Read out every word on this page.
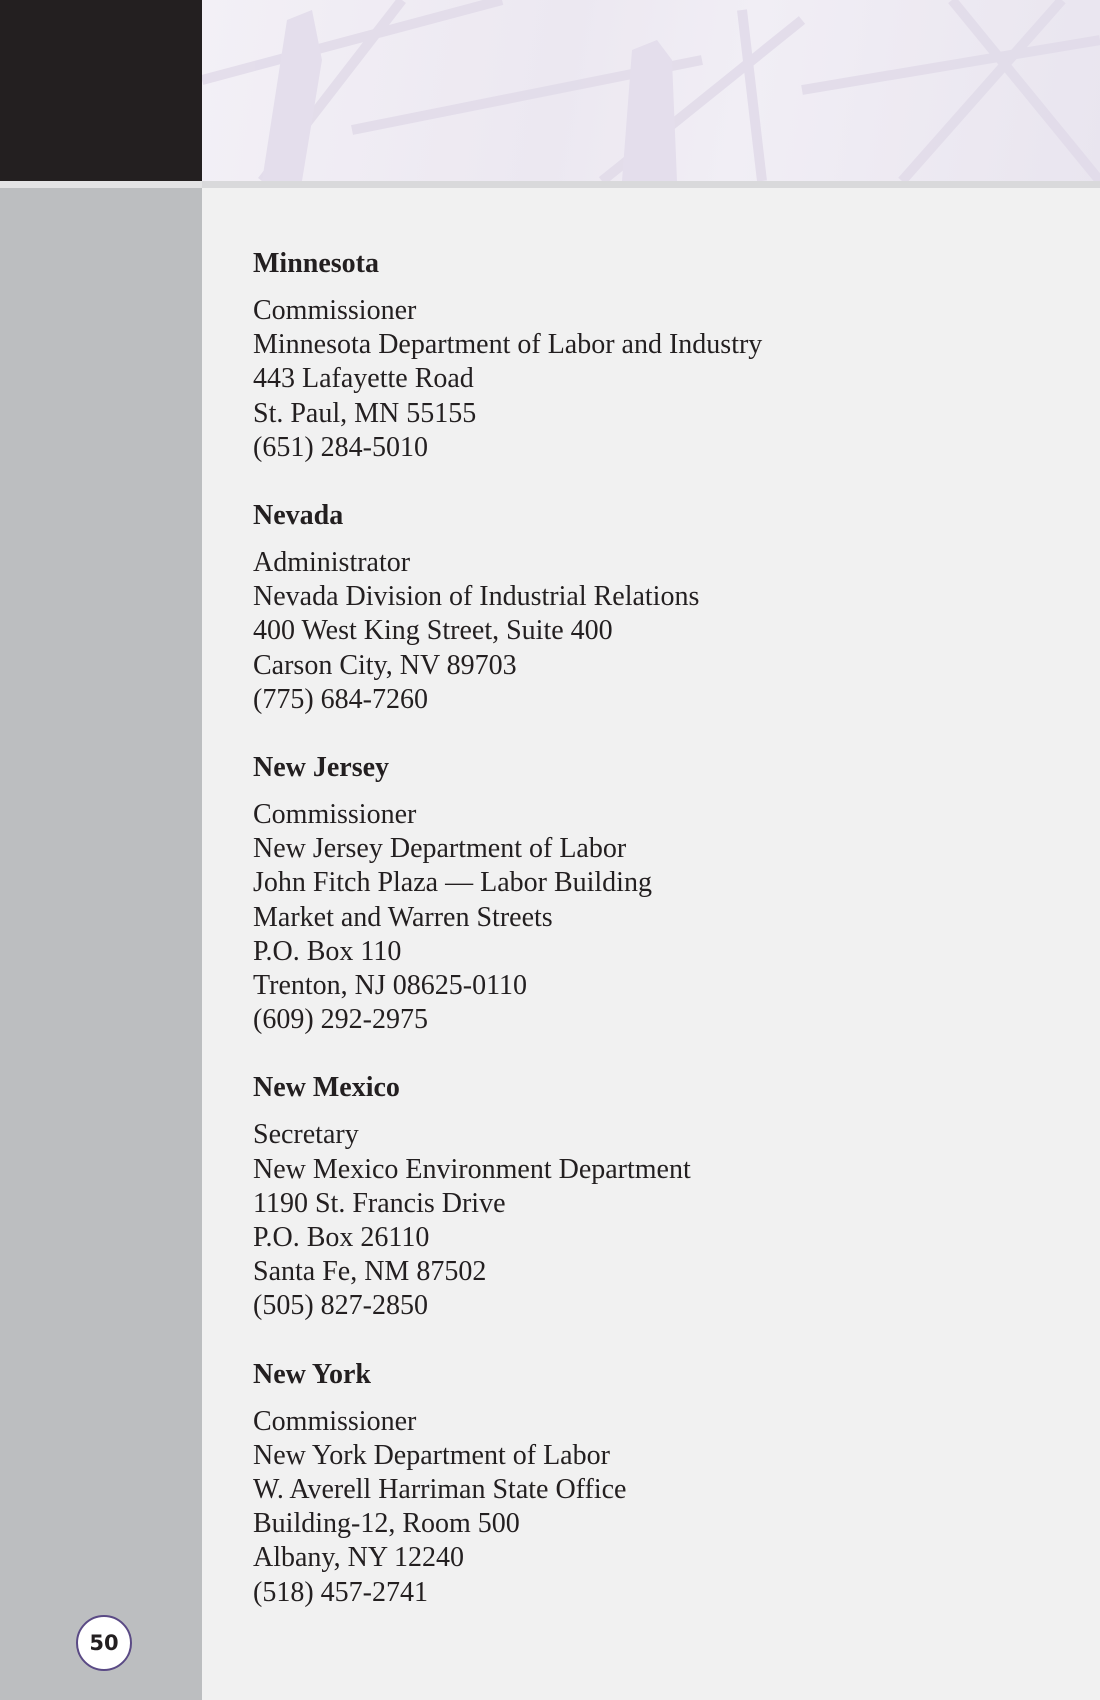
Minnesota
Commissioner
Minnesota Department of Labor and Industry
443 Lafayette Road
St. Paul, MN 55155
(651) 284-5010
Nevada
Administrator
Nevada Division of Industrial Relations
400 West King Street, Suite 400
Carson City, NV 89703
(775) 684-7260
New Jersey
Commissioner
New Jersey Department of Labor
John Fitch Plaza — Labor Building
Market and Warren Streets
P.O. Box 110
Trenton, NJ 08625-0110
(609) 292-2975
New Mexico
Secretary
New Mexico Environment Department
1190 St. Francis Drive
P.O. Box 26110
Santa Fe, NM 87502
(505) 827-2850
New York
Commissioner
New York Department of Labor
W. Averell Harriman State Office
Building-12, Room 500
Albany, NY 12240
(518) 457-2741
50
